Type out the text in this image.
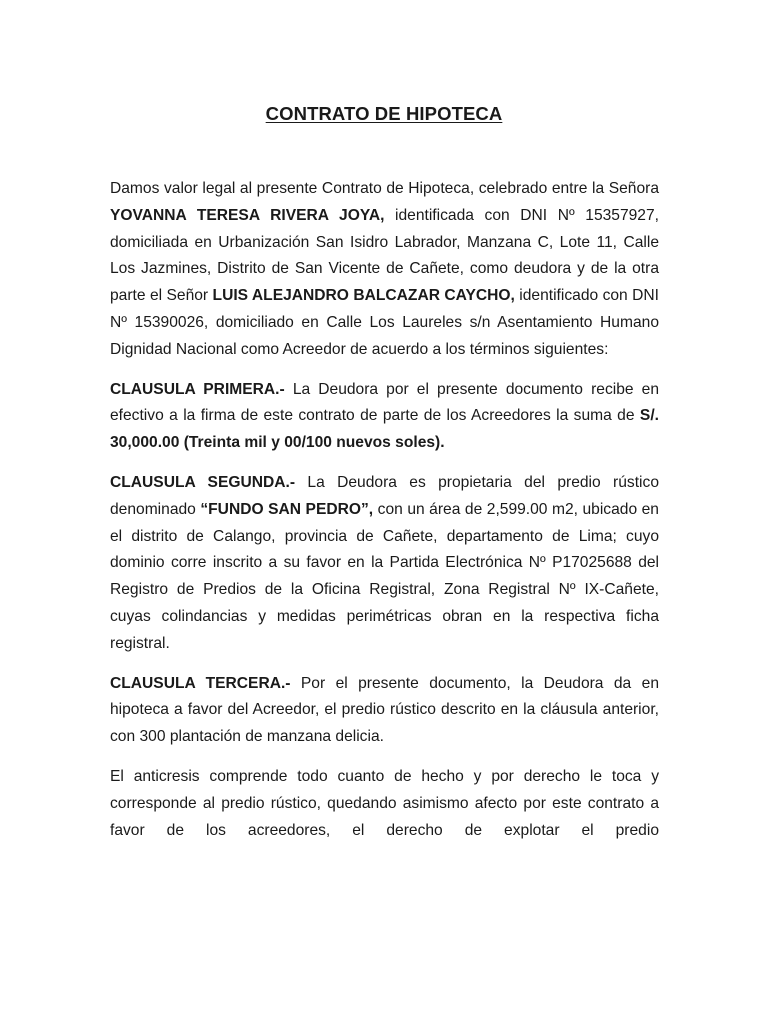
CONTRATO DE HIPOTECA

Damos valor legal al presente Contrato de Hipoteca, celebrado entre la Señora YOVANNA TERESA RIVERA JOYA, identificada con DNI Nº 15357927, domiciliada en Urbanización San Isidro Labrador, Manzana C, Lote 11, Calle Los Jazmines, Distrito de San Vicente de Cañete, como deudora y de la otra parte el Señor LUIS ALEJANDRO BALCAZAR CAYCHO, identificado con DNI Nº 15390026, domiciliado en Calle Los Laureles s/n Asentamiento Humano Dignidad Nacional como Acreedor de acuerdo a los términos siguientes:

CLAUSULA PRIMERA.- La Deudora por el presente documento recibe en efectivo a la firma de este contrato de parte de los Acreedores la suma de S/. 30,000.00 (Treinta mil y 00/100 nuevos soles).

CLAUSULA SEGUNDA.- La Deudora es propietaria del predio rústico denominado “FUNDO SAN PEDRO”, con un área de 2,599.00 m2, ubicado en el distrito de Calango, provincia de Cañete, departamento de Lima; cuyo dominio corre inscrito a su favor en la Partida Electrónica Nº P17025688 del Registro de Predios de la Oficina Registral, Zona Registral Nº IX-Cañete, cuyas colindancias y medidas perimétricas obran en la respectiva ficha registral.

CLAUSULA TERCERA.- Por el presente documento, la Deudora da en hipoteca a favor del Acreedor, el predio rústico descrito en la cláusula anterior, con 300 plantación de manzana delicia.

El anticresis comprende todo cuanto de hecho y por derecho le toca y corresponde al predio rústico, quedando asimismo afecto por este contrato a favor de los acreedores, el derecho de explotar el predio
